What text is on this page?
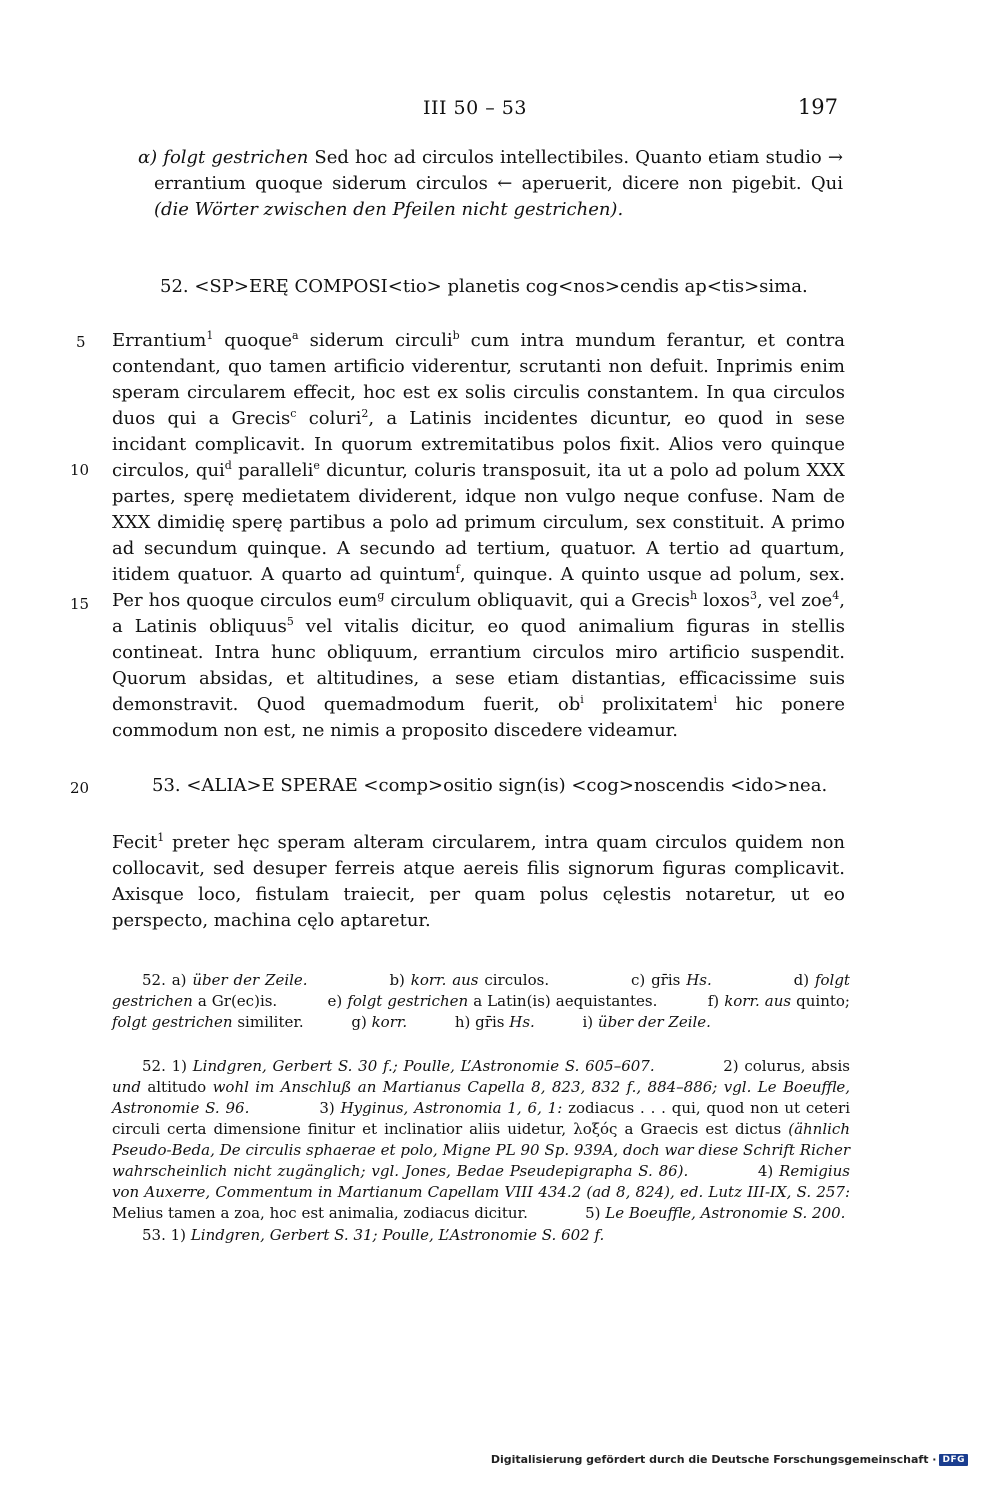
III 50 – 53	197
α) folgt gestrichen Sed hoc ad circulos intellectibiles. Quanto etiam studio → errantium quoque siderum circulos ← aperuerit, dicere non pigebit. Qui (die Wörter zwischen den Pfeilen nicht gestrichen).
52. <SP>ERĘ COMPOSI<tio> planetis cog<nos>cendis ap<tis>sima.
5
10
15
Errantium$^1$ quoque$^a$ siderum circuli$^b$ cum intra mundum ferantur, et contra contendant, quo tamen artificio viderentur, scrutanti non defuit. Inprimis enim speram circularem effecit, hoc est ex solis circulis constantem. In qua circulos duos qui a Grecis$^c$ coluri$^2$, a Latinis incidentes dicuntur, eo quod in sese incidant complicavit. In quorum extremitatibus polos fixit. Alios vero quinque circulos, qui$^d$ paralleli$^e$ dicuntur, coluris transposuit, ita ut a polo ad polum XXX partes, sperę medietatem dividerent, idque non vulgo neque confuse. Nam de XXX dimidię sperę partibus a polo ad primum circulum, sex constituit. A primo ad secundum quinque. A secundo ad tertium, quatuor. A tertio ad quartum, itidem quatuor. A quarto ad quintum$^f$, quinque. A quinto usque ad polum, sex. Per hos quoque circulos eum$^g$ circulum obliquavit, qui a Grecis$^h$ loxos$^3$, vel zoe$^4$, a Latinis obliquus$^5$ vel vitalis dicitur, eo quod animalium figuras in stellis contineat. Intra hunc obliquum, errantium circulos miro artificio suspendit. Quorum absidas, et altitudines, a sese etiam distantias, efficacissime suis demonstravit. Quod quemadmodum fuerit, $ob^i$ prolixitatem$^i$ hic ponere commodum non est, ne nimis a proposito discedere videamur.
20	53. <ALIA>E SPERAE <comp>ositio sign(is) <cog>noscendis <ido>nea.
Fecit$^1$ preter hęc speram alteram circularem, intra quam circulos quidem non collocavit, sed desuper ferreis atque aereis filis signorum figuras complicavit. Axisque loco, fistulam traiecit, per quam polus cęlestis notaretur, ut eo perspecto, machina cęlo aptaretur.

52. a) über der Zeile.	b) korr. aus circulos.	c) gr̄is Hs.	d) folgt gestrichen a Gr(ec)is.	e) folgt gestrichen a Latin(is) aequistantes.	f) korr. aus quinto; folgt gestrichen similiter.	g) korr.	h) gr̄is Hs.	i) über der Zeile.

52. 1) Lindgren, Gerbert S. 30 f.; Poulle, L’Astronomie S. 605–607.	2) colurus, absis und altitudo wohl im Anschluß an Martianus Capella 8, 823, 832 f., 884–886; vgl. Le Boeuffle, Astronomie S. 96.	3) Hyginus, Astronomia 1, 6, 1: zodiacus . . . qui, quod non ut ceteri circuli certa dimensione finitur et inclinatior aliis uidetur, λοξός a Graecis est dictus (ähnlich Pseudo-Beda, De circulis sphaerae et polo, Migne PL 90 Sp. 939A, doch war diese Schrift Richer wahrscheinlich nicht zugänglich; vgl. Jones, Bedae Pseudepigrapha S. 86).	4) Remigius von Auxerre, Commentum in Martianum Capellam VIII 434.2 (ad 8, 824), ed. Lutz III-IX, S. 257: Melius tamen a zoa, hoc est animalia, zodiacus dicitur.	5) Le Boeuffle, Astronomie S. 200.

53. 1) Lindgren, Gerbert S. 31; Poulle, L’Astronomie S. 602 f.

Digitalisierung gefördert durch die Deutsche Forschungsgemeinschaft · DFG
